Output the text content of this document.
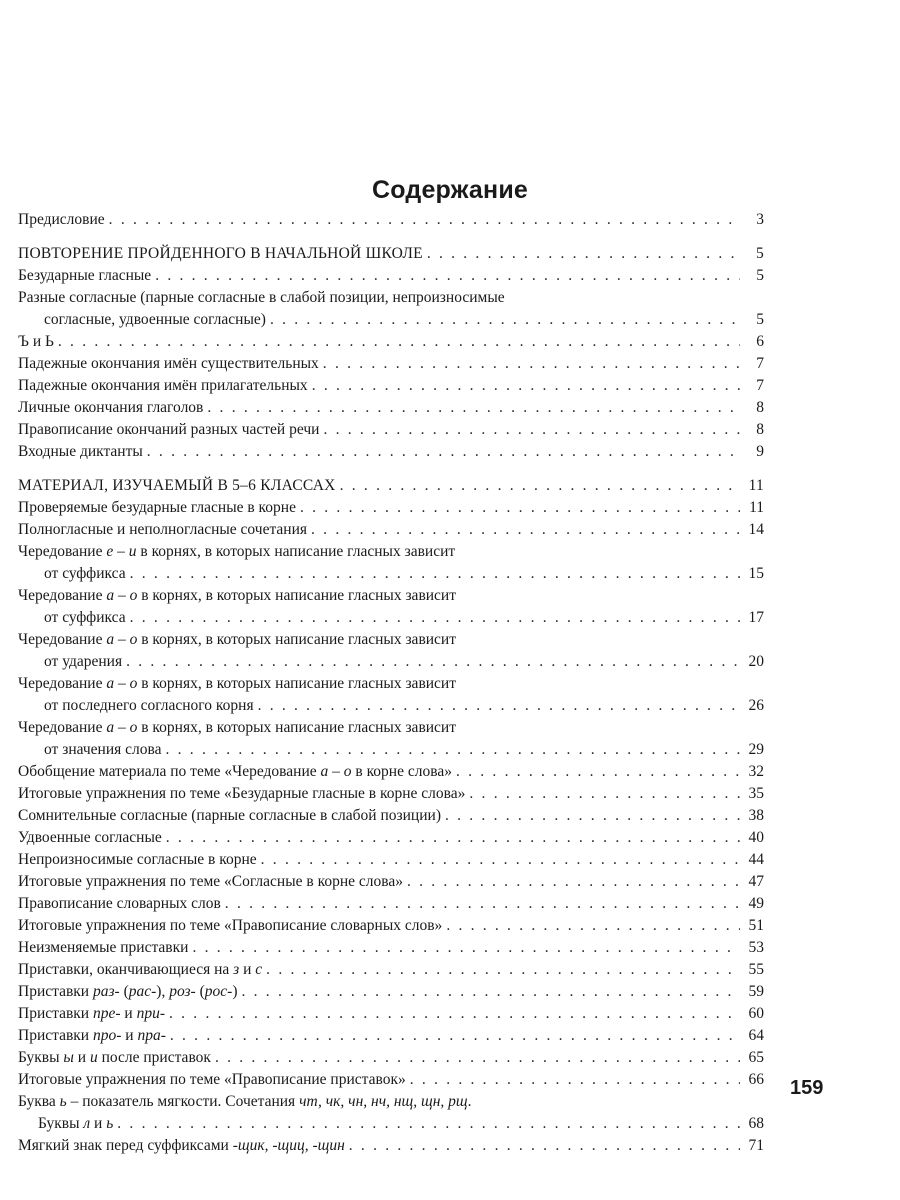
Содержание
Предисловие . . .	3
ПОВТОРЕНИЕ ПРОЙДЕННОГО В НАЧАЛЬНОЙ ШКОЛЕ . . .	5
Безударные гласные . . .	5
Разные согласные (парные согласные в слабой позиции, непроизносимые
согласные, удвоенные согласные) . . .	5
Ъ и Ь . . .	6
Падежные окончания имён существительных . . .	7
Падежные окончания имён прилагательных . . .	7
Личные окончания глаголов . . .	8
Правописание окончаний разных частей речи . . .	8
Входные диктанты . . .	9
МАТЕРИАЛ, ИЗУЧАЕМЫЙ В 5–6 КЛАССАХ . . .	11
Проверяемые безударные гласные в корне . . .	11
Полногласные и неполногласные сочетания . . .	14
Чередование е – и в корнях, в которых написание гласных зависит
от суффикса . . .	15
Чередование а – о в корнях, в которых написание гласных зависит
от суффикса . . .	17
Чередование а – о в корнях, в которых написание гласных зависит
от ударения . . .	20
Чередование а – о в корнях, в которых написание гласных зависит
от последнего согласного корня . . .	26
Чередование а – о в корнях, в которых написание гласных зависит
от значения слова . . .	29
Обобщение материала по теме «Чередование а – о в корне слова» . . .	32
Итоговые упражнения по теме «Безударные гласные в корне слова» . . .	35
Сомнительные согласные (парные согласные в слабой позиции) . . .	38
Удвоенные согласные . . .	40
Непроизносимые согласные в корне . . .	44
Итоговые упражнения по теме «Согласные в корне слова» . . .	47
Правописание словарных слов . . .	49
Итоговые упражнения по теме «Правописание словарных слов» . . .	51
Неизменяемые приставки . . .	53
Приставки, оканчивающиеся на з и с . . .	55
Приставки раз- (рас-), роз- (рос-) . . .	59
Приставки пре- и при- . . .	60
Приставки про- и пра- . . .	64
Буквы ы и и после приставок . . .	65
Итоговые упражнения по теме «Правописание приставок» . . .	66
Буква ь – показатель мягкости. Сочетания чт, чк, чн, нч, нщ, щн, рщ.
Буквы л и ь . . .	68
Мягкий знак перед суффиксами -щик, -щиц, -щин . . .	71
159
